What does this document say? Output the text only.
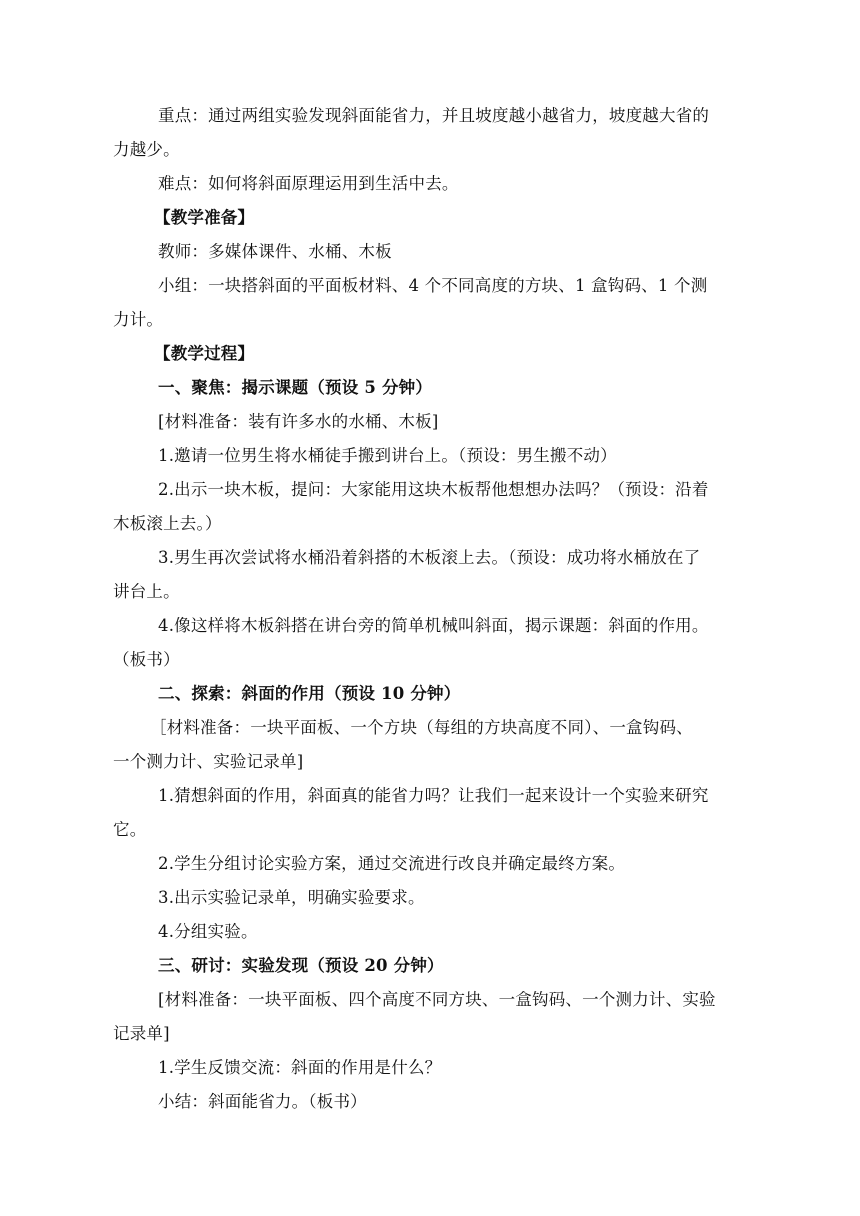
重点：通过两组实验发现斜面能省力，并且坡度越小越省力，坡度越大省的
力越少。
难点：如何将斜面原理运用到生活中去。
【教学准备】
教师：多媒体课件、水桶、木板
小组：一块搭斜面的平面板材料、4 个不同高度的方块、1 盒钩码、1 个测
力计。
【教学过程】
一、聚焦：揭示课题（预设 5 分钟）
[材料准备：装有许多水的水桶、木板]
1.邀请一位男生将水桶徒手搬到讲台上。（预设：男生搬不动）
2.出示一块木板，提问：大家能用这块木板帮他想想办法吗？（预设：沿着
木板滚上去。）
3.男生再次尝试将水桶沿着斜搭的木板滚上去。（预设：成功将水桶放在了
讲台上。
4.像这样将木板斜搭在讲台旁的简单机械叫斜面，揭示课题：斜面的作用。
（板书）
二、探索：斜面的作用（预设 10 分钟）
［材料准备：一块平面板、一个方块（每组的方块高度不同）、一盒钩码、
一个测力计、实验记录单]
1.猜想斜面的作用，斜面真的能省力吗？让我们一起来设计一个实验来研究
它。
2.学生分组讨论实验方案，通过交流进行改良并确定最终方案。
3.出示实验记录单，明确实验要求。
4.分组实验。
三、研讨：实验发现（预设 20 分钟）
[材料准备：一块平面板、四个高度不同方块、一盒钩码、一个测力计、实验
记录单]
1.学生反馈交流：斜面的作用是什么？
小结：斜面能省力。（板书）
